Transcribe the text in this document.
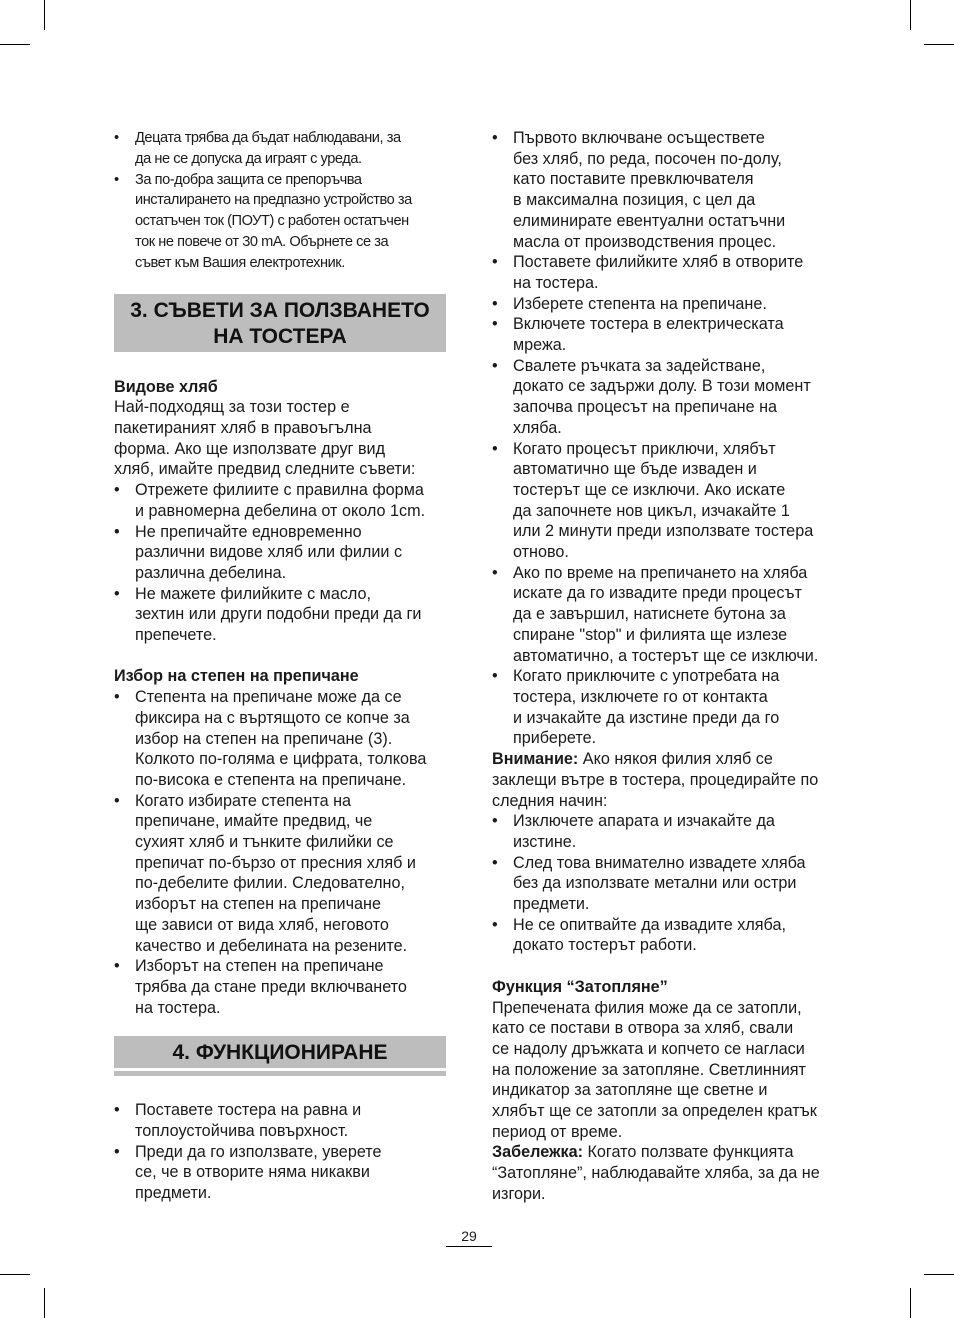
• Децата трябва да бъдат наблюдавани, за
да не се допуска да играят с уреда.
• За по-добра защита се препоръчва
инсталирането на предпазно устройство за
остатъчен ток (ПОУТ) с работен остатъчен
ток не повече от 30 mA. Обърнете се за
съвет към Вашия електротехник.
3. СЪВЕТИ ЗА ПОЛЗВАНЕТО
НА ТОСТЕРА

Видове хляб

Най-подходящ за този тостер е
пакетираният хляб в правоъгълна
форма. Ако ще използвате друг вид
хляб, имайте предвид следните съвети:

• Отрежете филиите с правилна форма
и равномерна дебелина от около 1cm.
• Не препичайте едновременно
различни видове хляб или филии с
различна дебелина.
• Не мажете филийките с масло,
зехтин или други подобни преди да ги
препечете.

Избор на степен на препичане

• Степента на препичане може да се
фиксира на с въртящото се копче за
избор на степен на препичане (3).
Колкото по-голяма е цифрата, толкова
по-висока е степента на препичане.
• Когато избирате степента на
препичане, имайте предвид, че
сухият хляб и тънките филийки се
препичат по-бързо от пресния хляб и
по-дебелите филии. Следователно,
изборът на степен на препичане
ще зависи от вида хляб, неговото
качество и дебелината на резените.
• Изборът на степен на препичане
трябва да стане преди включването
на тостера.
4. ФУНКЦИОНИРАНЕ
• Поставете тостера на равна и
топлоустойчива повърхност.
• Преди да го използвате, уверете
се, че в отворите няма никакви
предмети.
• Първото включване осъществете
без хляб, по реда, посочен по-долу,
като поставите превключвателя
в максимална позиция, с цел да
елиминирате евентуални остатъчни
масла от производствения процес.
• Поставете филийките хляб в отворите
на тостера.
• Изберете степента на препичане.
• Включете тостера в електрическата
мрежа.
• Свалете ръчката за задействане,
докато се задържи долу. В този момент
започва процесът на препичане на
хляба.
• Когато процесът приключи, хлябът
автоматично ще бъде изваден и
тостерът ще се изключи. Ако искате
да започнете нов цикъл, изчакайте 1
или 2 минути преди използвате тостера
отново.
• Ако по време на препичането на хляба
искате да го извадите преди процесът
да е завършил, натиснете бутона за
спиране "stop" и филията ще излезе
автоматично, а тостерът ще се изключи.
• Когато приключите с употребата на
тостера, изключете го от контакта
и изчакайте да изстине преди да го
приберете.

Внимание: Ако някоя филия хляб се
заклещи вътре в тостера, процедирайте по
следния начин:

• Изключете апарата и изчакайте да
изстине.
• След това внимателно извадете хляба
без да използвате метални или остри
предмети.
• Не се опитвайте да извадите хляба,
докато тостерът работи.

Функция “Затопляне”

Препечената филия може да се затопли,
като се постави в отвора за хляб, свали
се надолу дръжката и копчето се нагласи
на положение за затопляне. Светлинният
индикатор за затопляне ще светне и
хлябът ще се затопли за определен кратък
период от време.

Забележка: Когато ползвате функцията
“Затопляне”, наблюдавайте хляба, за да не
изгори.

29
